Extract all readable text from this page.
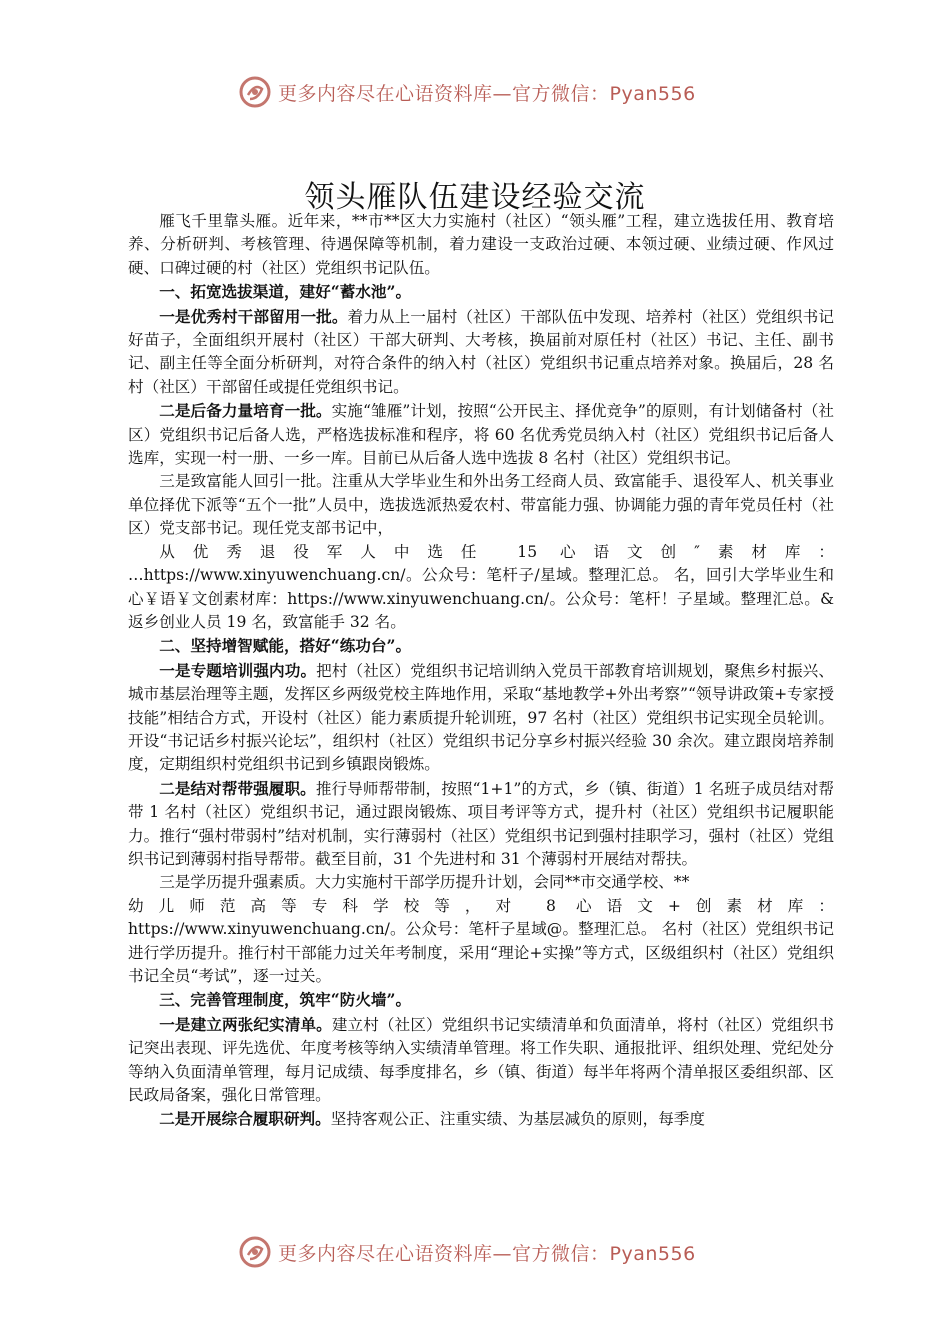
更多内容尽在心语资料库—官方微信：Pyan556
领头雁队伍建设经验交流

雁飞千里靠头雁。近年来，**市**区大力实施村（社区）“领头雁”工程，建立选拔任用、教育培养、分析研判、考核管理、待遇保障等机制，着力建设一支政治过硬、本领过硬、业绩过硬、作风过硬、口碑过硬的村（社区）党组织书记队伍。

一、拓宽选拔渠道，建好“蓄水池”。

一是优秀村干部留用一批。着力从上一届村（社区）干部队伍中发现、培养村（社区）党组织书记好苗子，全面组织开展村（社区）干部大研判、大考核，换届前对原任村（社区）书记、主任、副书记、副主任等全面分析研判，对符合条件的纳入村（社区）党组织书记重点培养对象。换届后，28 名村（社区）干部留任或提任党组织书记。

二是后备力量培育一批。实施“雏雁”计划，按照“公开民主、择优竞争”的原则，有计划储备村（社区）党组织书记后备人选，严格选拔标准和程序，将 60 名优秀党员纳入村（社区）党组织书记后备人选库，实现一村一册、一乡一库。目前已从后备人选中选拔 8 名村（社区）党组织书记。

三是致富能人回引一批。注重从大学毕业生和外出务工经商人员、致富能手、退役军人、机关事业单位择优下派等“五个一批”人员中，选拔选派热爱农村、带富能力强、协调能力强的青年党员任村（社区）党支部书记。现任党支部书记中，

从优秀退役军人中选任 15 心语文创″素材库：

…https://www.xinyuwenchuang.cn/。公众号：笔杆子/星域。整理汇总。 名，回引大学毕业生和心￥语￥文创素材库：https://www.xinyuwenchuang.cn/。公众号：笔杆！子星域。整理汇总。&返乡创业人员 19 名，致富能手 32 名。

二、坚持增智赋能，搭好“练功台”。

一是专题培训强内功。把村（社区）党组织书记培训纳入党员干部教育培训规划，聚焦乡村振兴、城市基层治理等主题，发挥区乡两级党校主阵地作用，采取“基地教学+外出考察”“领导讲政策+专家授技能”相结合方式，开设村（社区）能力素质提升轮训班，97 名村（社区）党组织书记实现全员轮训。开设“书记话乡村振兴论坛”，组织村（社区）党组织书记分享乡村振兴经验 30 余次。建立跟岗培养制度，定期组织村党组织书记到乡镇跟岗锻炼。

二是结对帮带强履职。推行导师帮带制，按照“1+1”的方式，乡（镇、街道）1 名班子成员结对帮带 1 名村（社区）党组织书记，通过跟岗锻炼、项目考评等方式，提升村（社区）党组织书记履职能力。推行“强村带弱村”结对机制，实行薄弱村（社区）党组织书记到强村挂职学习，强村（社区）党组织书记到薄弱村指导帮带。截至目前，31 个先进村和 31 个薄弱村开展结对帮扶。

三是学历提升强素质。大力实施村干部学历提升计划，会同**市交通学校、**

幼儿师范高等专科学校等，对 8 心语文+创素材库：

https://www.xinyuwenchuang.cn/。公众号：笔杆子星域@。整理汇总。 名村（社区）党组织书记进行学历提升。推行村干部能力过关年考制度，采用“理论+实操”等方式，区级组织村（社区）党组织书记全员“考试”，逐一过关。

三、完善管理制度，筑牢“防火墙”。

一是建立两张纪实清单。建立村（社区）党组织书记实绩清单和负面清单，将村（社区）党组织书记突出表现、评先选优、年度考核等纳入实绩清单管理。将工作失职、通报批评、组织处理、党纪处分等纳入负面清单管理，每月记成绩、每季度排名，乡（镇、街道）每半年将两个清单报区委组织部、区民政局备案，强化日常管理。

二是开展综合履职研判。坚持客观公正、注重实绩、为基层减负的原则，每季度

更多内容尽在心语资料库—官方微信：Pyan556
